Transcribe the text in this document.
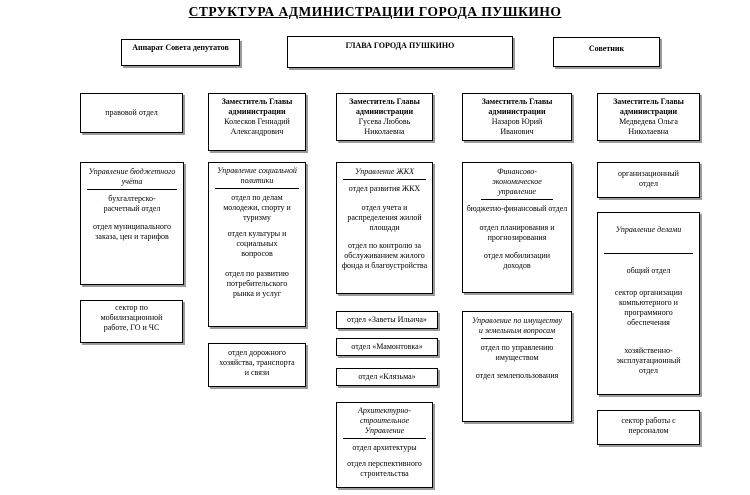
СТРУКТУРА АДМИНИСТРАЦИИ ГОРОДА ПУШКИНО
Аппарат Совета депутатов	ГЛАВА ГОРОДА ПУШКИНО	Советник
правовой отдел
Управление бюджетного учёта
бухгалтерско-расчетный отдел
отдел муниципального заказа, цен и тарифов
сектор по мобилизационной работе, ГО и ЧС
Заместитель Главы администрации
Колесков Геннадий Александрович
Управление социальной политики
отдел по делам молодежи, спорту и туризму
отдел культуры и социальных вопросов
отдел по развитию потребительского рынка и услуг
отдел дорожного хозяйства, транспорта и связи
Заместитель Главы администрации
Гусева Любовь Николаевна
Управление ЖКХ
отдел развития ЖКХ
отдел учета и распределения жилой площади
отдел по контролю за обслуживанием жилого фонда и благоустройства
отдел «Заветы Ильича»
отдел «Мамонтовка»
отдел «Клязьма»
Архитектурно-строительное Управление
отдел архитектуры
отдел перспективного строительства
Заместитель Главы администрации
Назаров Юрий Иванович
Финансово-экономическое управление
бюджетно-финансовый отдел
отдел планирования и прогнозирования
отдел мобилизации доходов
Управление по имуществу и земельным вопросам
отдел по управлению имуществом
отдел землепользования
Заместитель Главы администрации
Медведева Ольга Николаевна
организационный отдел
Управление делами
общий отдел
сектор организации компьютерного и программного обеспечения
хозяйственно-эксплуатационный отдел
сектор работы с персоналом
